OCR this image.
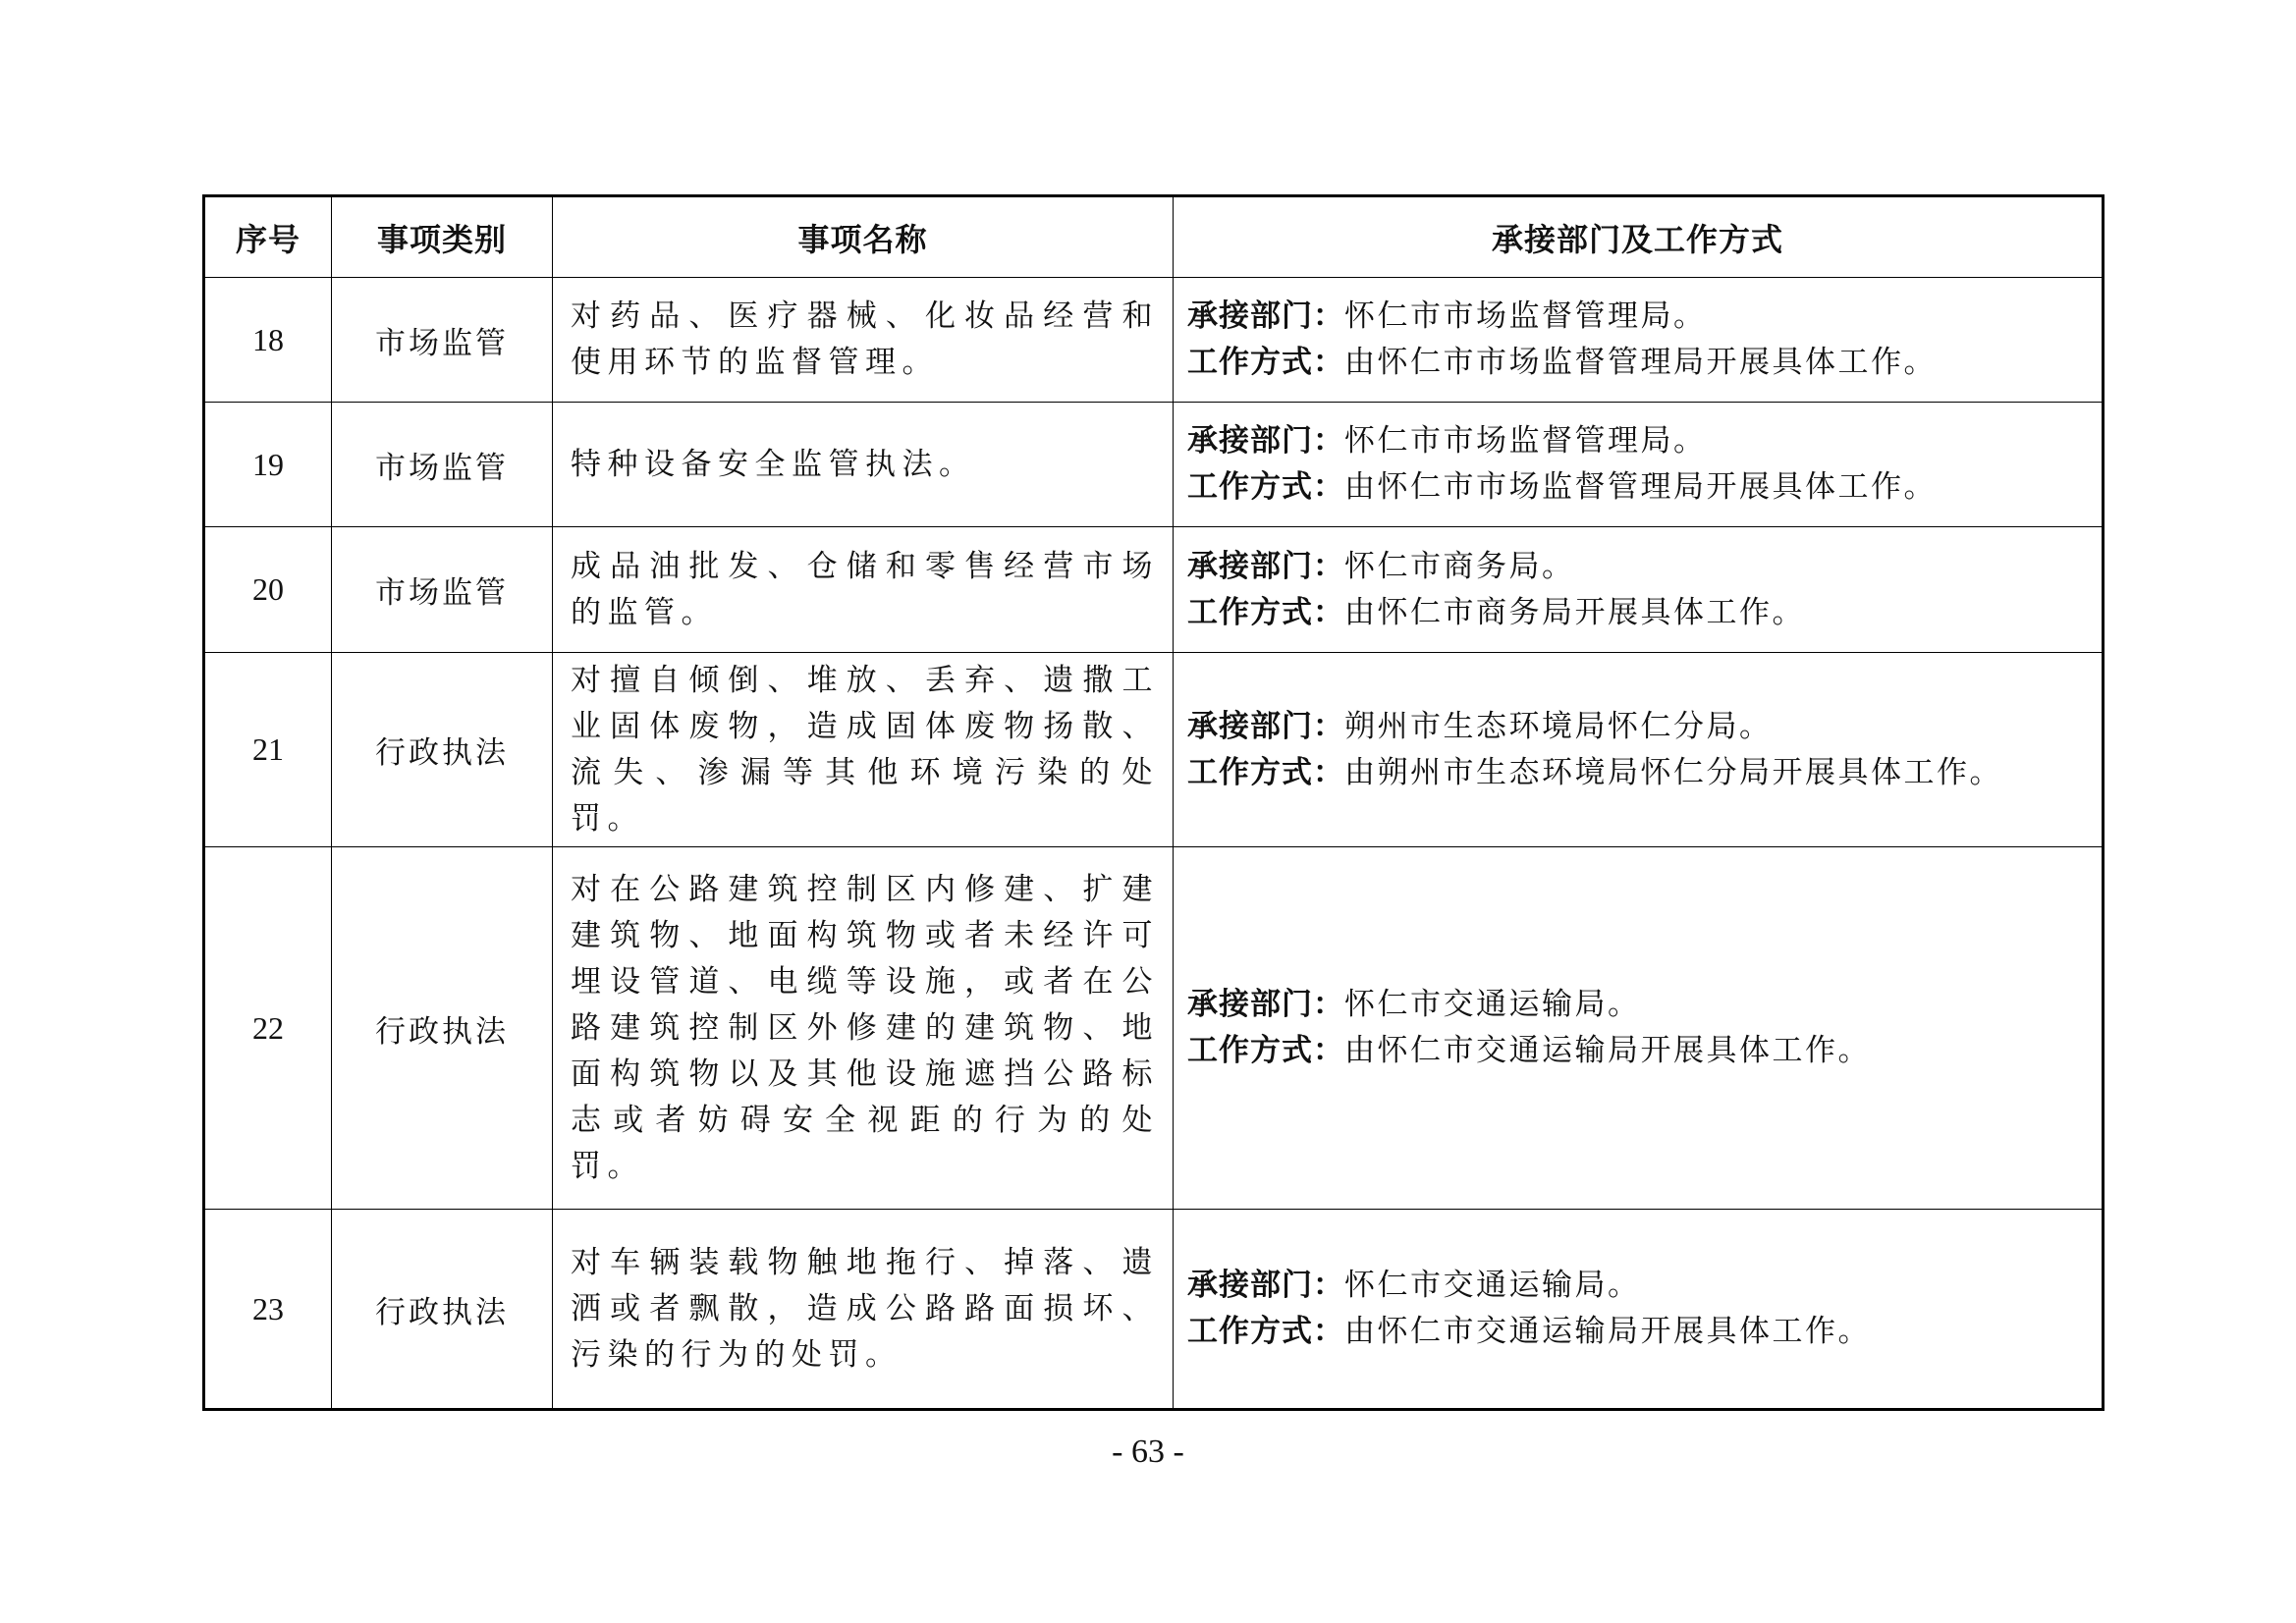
序号	事项类别	事项名称	承接部门及工作方式
18	市场监管	对药品、医疗器械、化妆品经营和使用环节的监督管理。	承接部门：怀仁市市场监督管理局。
工作方式：由怀仁市市场监督管理局开展具体工作。

19	市场监管	特种设备安全监管执法。	承接部门：怀仁市市场监督管理局。
工作方式：由怀仁市市场监督管理局开展具体工作。

20	市场监管	成品油批发、仓储和零售经营市场的监管。	承接部门：怀仁市商务局。
工作方式：由怀仁市商务局开展具体工作。

21	行政执法	对擅自倾倒、堆放、丢弃、遗撒工业固体废物，造成固体废物扬散、流失、渗漏等其他环境污染的处罚。	承接部门：朔州市生态环境局怀仁分局。
工作方式：由朔州市生态环境局怀仁分局开展具体工作。

22	行政执法	对在公路建筑控制区内修建、扩建建筑物、地面构筑物或者未经许可埋设管道、电缆等设施，或者在公路建筑控制区外修建的建筑物、地面构筑物以及其他设施遮挡公路标志或者妨碍安全视距的行为的处罚。	承接部门：怀仁市交通运输局。
工作方式：由怀仁市交通运输局开展具体工作。

23	行政执法	对车辆装载物触地拖行、掉落、遗洒或者飘散，造成公路路面损坏、污染的行为的处罚。	承接部门：怀仁市交通运输局。
工作方式：由怀仁市交通运输局开展具体工作。
- 63 -
